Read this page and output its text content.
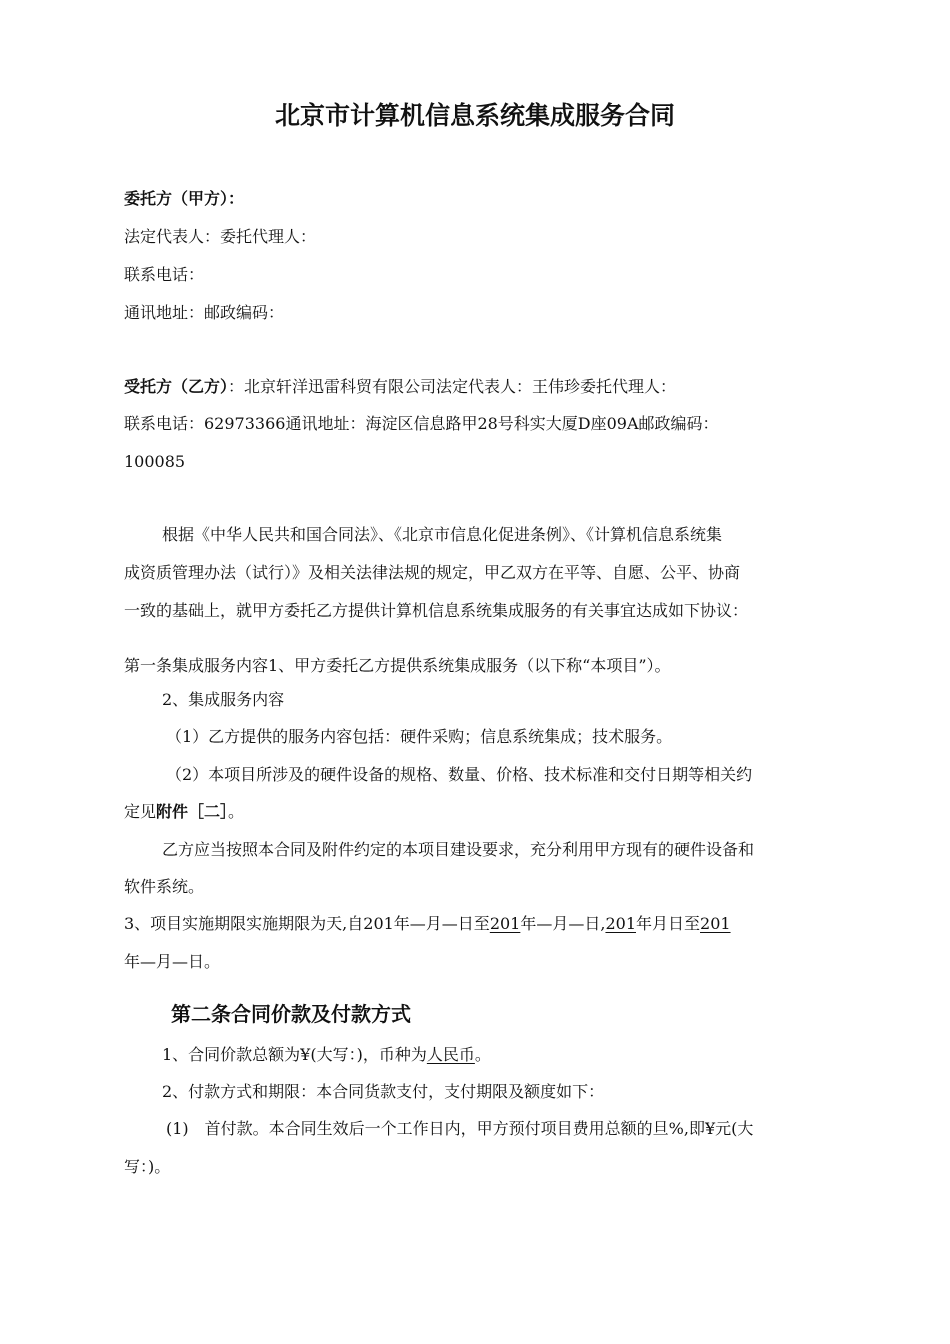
北京市计算机信息系统集成服务合同
委托方（甲方）：
法定代表人：委托代理人：
联系电话：
通讯地址：邮政编码：
受托方（乙方）：北京轩洋迅雷科贸有限公司法定代表人：王伟珍委托代理人：
联系电话：62973366通讯地址：海淀区信息路甲28号科实大厦D座09A邮政编码：
100085
根据《中华人民共和国合同法》、《北京市信息化促进条例》、《计算机信息系统集
成资质管理办法（试行）》及相关法律法规的规定，甲乙双方在平等、自愿、公平、协商
一致的基础上，就甲方委托乙方提供计算机信息系统集成服务的有关事宜达成如下协议：
第一条集成服务内容1、甲方委托乙方提供系统集成服务（以下称“本项目”）。
2、集成服务内容
（1）乙方提供的服务内容包括：硬件采购；信息系统集成；技术服务。
（2）本项目所涉及的硬件设备的规格、数量、价格、技术标准和交付日期等相关约
定见附件［二］。
乙方应当按照本合同及附件约定的本项目建设要求，充分利用甲方现有的硬件设备和
软件系统。
3、项目实施期限实施期限为天,自201年—月—日至201年—月—日,201年月日至201
年—月—日。
第二条合同价款及付款方式
1、合同价款总额为¥(大写：)，币种为人民币。
2、付款方式和期限：本合同货款支付，支付期限及额度如下：
(1)　首付款。本合同生效后一个工作日内，甲方预付项目费用总额的旦%,即¥元(大
写：)。
